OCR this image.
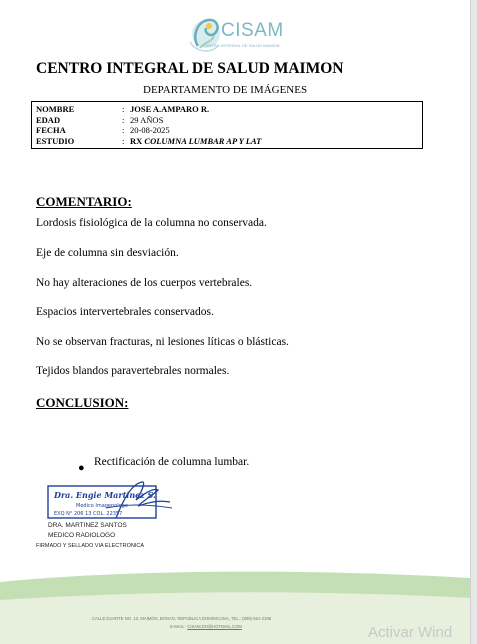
CISAM
CENTRO INTEGRAL DE SALUD MAIMON
CENTRO INTEGRAL DE SALUD MAIMON
DEPARTAMENTO DE IMÁGENES
NOMBRE	: JOSE A.AMPARO R.
EDAD	: 29 AÑOS
FECHA	: 20-08-2025
ESTUDIO	: RX COLUMNA LUMBAR AP Y LAT
COMENTARIO:
Lordosis fisiológica de la columna no conservada.
Eje de columna sin desviación.
No hay alteraciones de los cuerpos vertebrales.
Espacios intervertebrales conservados.
No se observan fracturas, ni lesiones líticas o blásticas.
Tejidos blandos paravertebrales normales.
CONCLUSION:
● Rectificación de columna lumbar.
Dra. Engie Martinez S.
Medico Imagenologo
EXQ N° 206 13 COL. 22357
DRA. MARTINEZ SANTOS
MEDICO RADIOLOGO
FIRMADO Y SELLADO VIA ELECTRONICA
CALLE DUARTE NO. 13, MAIMÓN, BONAO, REPUBLICA DOMINICANA, TEL.: (809)-551-2196
E-MAIL : CISAM.DO@HOTMAIL.COM	Activar Wind
